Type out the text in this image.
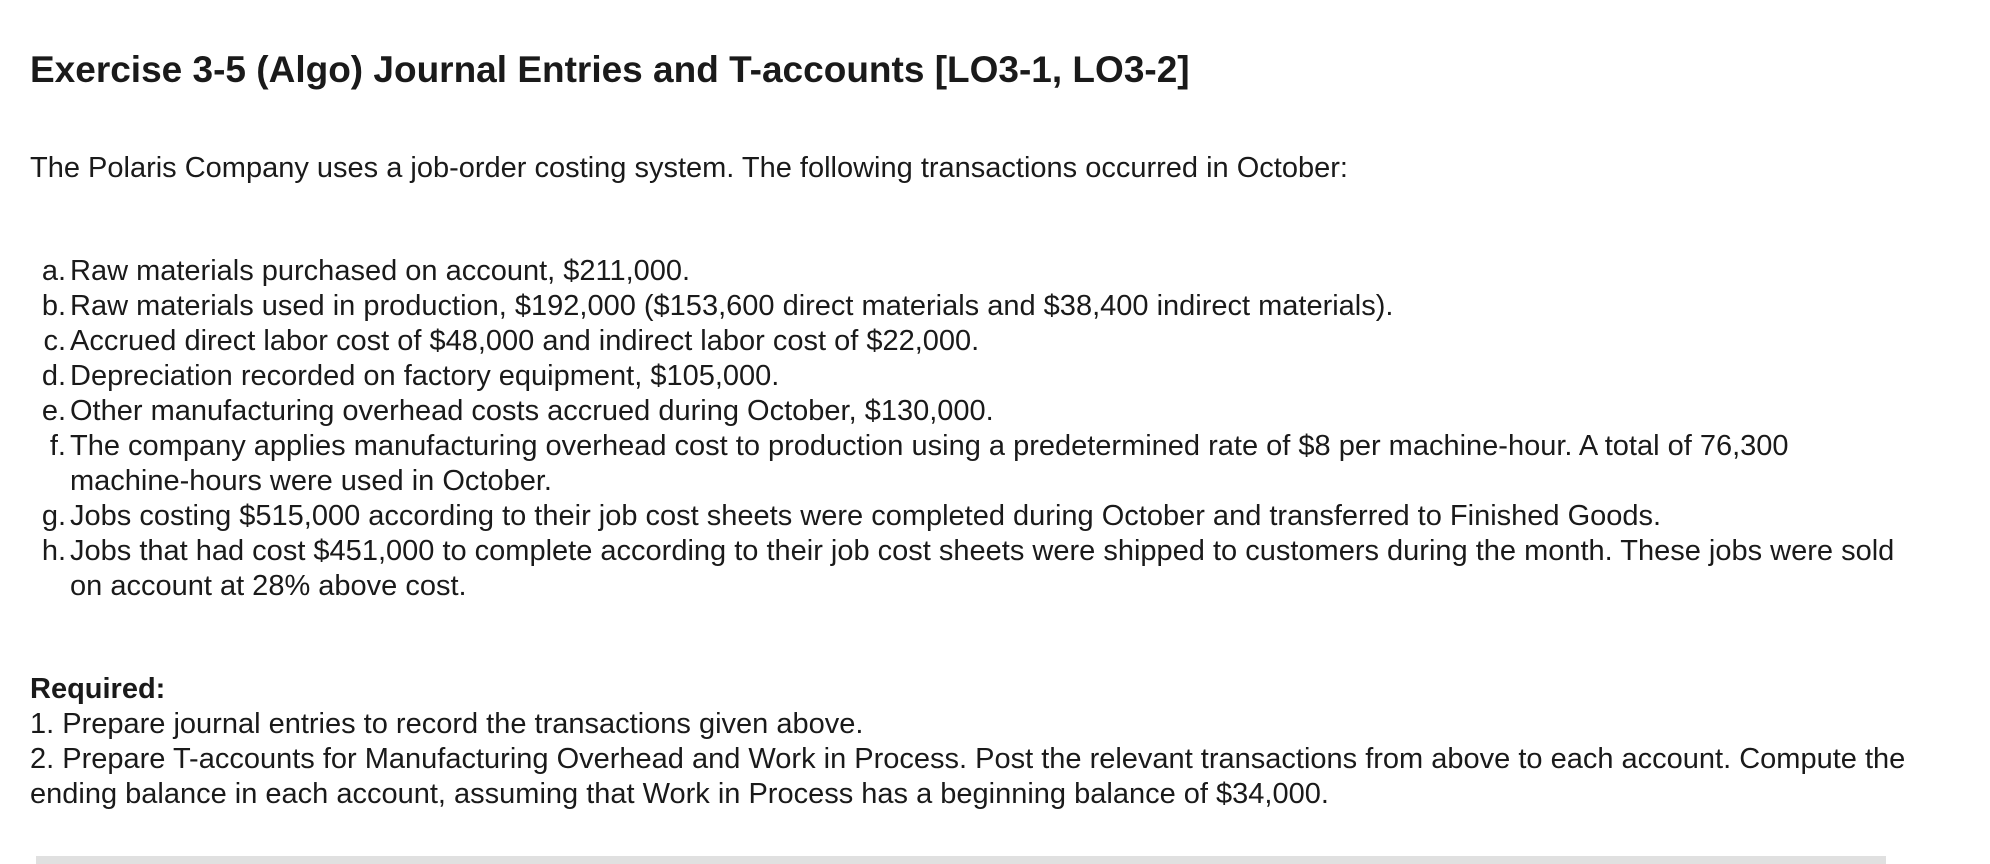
Exercise 3-5 (Algo) Journal Entries and T-accounts [LO3-1, LO3-2]

The Polaris Company uses a job-order costing system. The following transactions occurred in October:

a. Raw materials purchased on account, $211,000.
b. Raw materials used in production, $192,000 ($153,600 direct materials and $38,400 indirect materials).
c. Accrued direct labor cost of $48,000 and indirect labor cost of $22,000.
d. Depreciation recorded on factory equipment, $105,000.
e. Other manufacturing overhead costs accrued during October, $130,000.
f. The company applies manufacturing overhead cost to production using a predetermined rate of $8 per machine-hour. A total of 76,300 machine-hours were used in October.
g. Jobs costing $515,000 according to their job cost sheets were completed during October and transferred to Finished Goods.
h. Jobs that had cost $451,000 to complete according to their job cost sheets were shipped to customers during the month. These jobs were sold on account at 28% above cost.
Required:
1. Prepare journal entries to record the transactions given above.
2. Prepare T-accounts for Manufacturing Overhead and Work in Process. Post the relevant transactions from above to each account. Compute the ending balance in each account, assuming that Work in Process has a beginning balance of $34,000.
